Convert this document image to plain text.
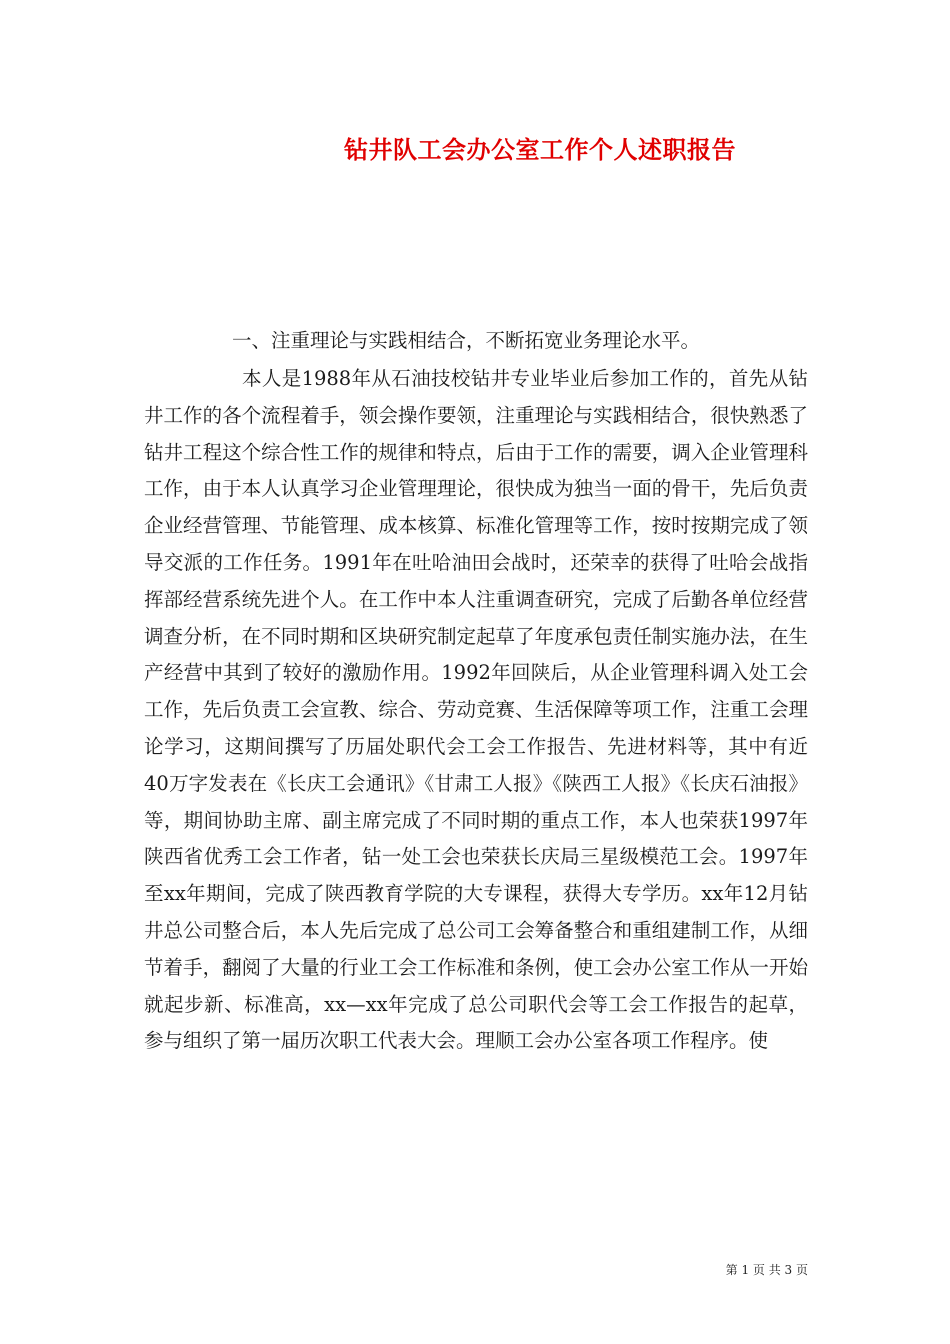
钻井队工会办公室工作个人述职报告
一、注重理论与实践相结合，不断拓宽业务理论水平。

本人是1988年从石油技校钻井专业毕业后参加工作的，首先从钻井工作的各个流程着手，领会操作要领，注重理论与实践相结合，很快熟悉了钻井工程这个综合性工作的规律和特点，后由于工作的需要，调入企业管理科工作，由于本人认真学习企业管理理论，很快成为独当一面的骨干，先后负责企业经营管理、节能管理、成本核算、标准化管理等工作，按时按期完成了领导交派的工作任务。1991年在吐哈油田会战时，还荣幸的获得了吐哈会战指挥部经营系统先进个人。在工作中本人注重调查研究，完成了后勤各单位经营调查分析，在不同时期和区块研究制定起草了年度承包责任制实施办法，在生产经营中其到了较好的激励作用。1992年回陕后，从企业管理科调入处工会工作，先后负责工会宣教、综合、劳动竞赛、生活保障等项工作，注重工会理论学习，这期间撰写了历届处职代会工会工作报告、先进材料等，其中有近40万字发表在《长庆工会通讯》《甘肃工人报》《陕西工人报》《长庆石油报》等，期间协助主席、副主席完成了不同时期的重点工作，本人也荣获1997年陕西省优秀工会工作者，钻一处工会也荣获长庆局三星级模范工会。1997年至xx年期间，完成了陕西教育学院的大专课程，获得大专学历。xx年12月钻井总公司整合后，本人先后完成了总公司工会筹备整合和重组建制工作，从细节着手，翻阅了大量的行业工会工作标准和条例，使工会办公室工作从一开始就起步新、标准高，xx—xx年完成了总公司职代会等工会工作报告的起草，参与组织了第一届历次职工代表大会。理顺工会办公室各项工作程序。使

第 1 页 共 3 页
